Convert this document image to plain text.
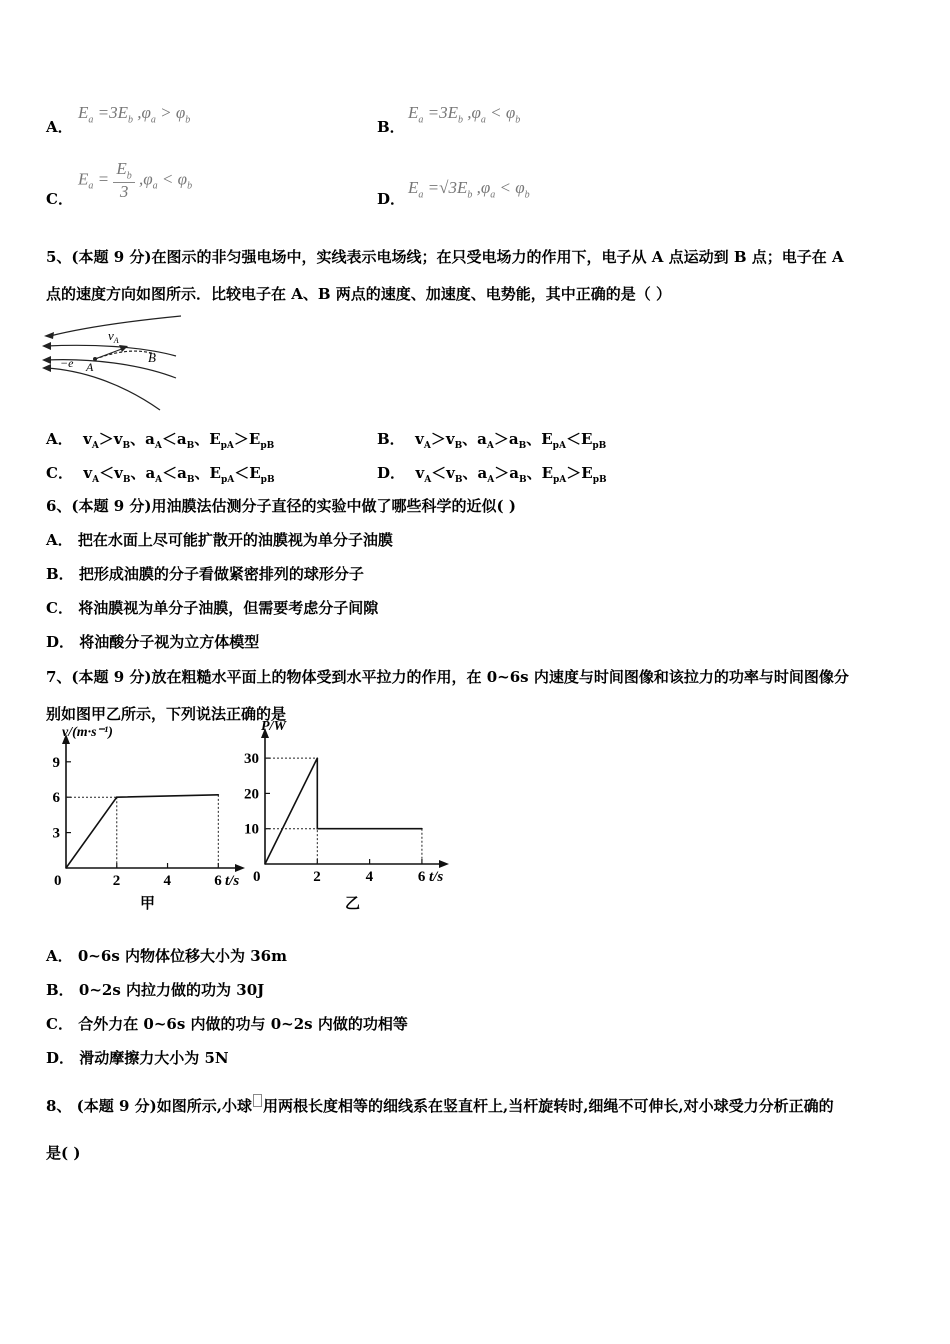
A．
$E_a =3E_b$ $,\varphi_a > \varphi_b$	B．
$E_a =3E_b$ $,\varphi_a < \varphi_b$
C．
$E_a = \frac{E_b}{3} ,\varphi_a < \varphi_b$
D．
$E_a =√3E_b$ $,\varphi_a < \varphi_b$
5、(本题 9 分)在图示的非匀强电场中，实线表示电场线；在只受电场力的作用下，电子从 A 点运动到 B 点；电子在 A
点的速度方向如图所示．比较电子在 A、B 两点的速度、加速度、电势能，其中正确的是（ ）
$v_A$
B
A
−e
A．  $v_A>v_B$、$a_A<a_B$、$E_{pA}>E_{pB}$	B．  $v_A>v_B$、$a_A>a_B$、$E_{pA}<E_{pB}$
C．  $v_A<v_B$、$a_A<a_B$、$E_{pA}<E_{pB}$	D．  $v_A<v_B$、$a_A>a_B$、$E_{pA}>E_{pB}$
6、(本题 9 分)用油膜法估测分子直径的实验中做了哪些科学的近似( )
A． 把在水面上尽可能扩散开的油膜视为单分子油膜
B． 把形成油膜的分子看做紧密排列的球形分子
C． 将油膜视为单分子油膜，但需要考虑分子间隙
D． 将油酸分子视为立方体模型
7、(本题 9 分)放在粗糙水平面上的物体受到水平拉力的作用，在 0~6s 内速度与时间图像和该拉力的功率与时间图像分
别如图甲乙所示，下列说法正确的是
0	2	4	6
3
6
9
v/(m·s⁻¹)
t/s
甲
0	2	4	6
10
20
30
P/W
t/s
乙
A． 0~6s 内物体位移大小为 36m
B． 0~2s 内拉力做的功为 30J
C． 合外力在 0~6s 内做的功与 0~2s 内做的功相等
D． 滑动摩擦力大小为 5N
8、 (本题 9 分)如图所示,小球 用两根长度相等的细线系在竖直杆上,当杆旋转时,细绳不可伸长,对小球受力分析正确的
是( )
